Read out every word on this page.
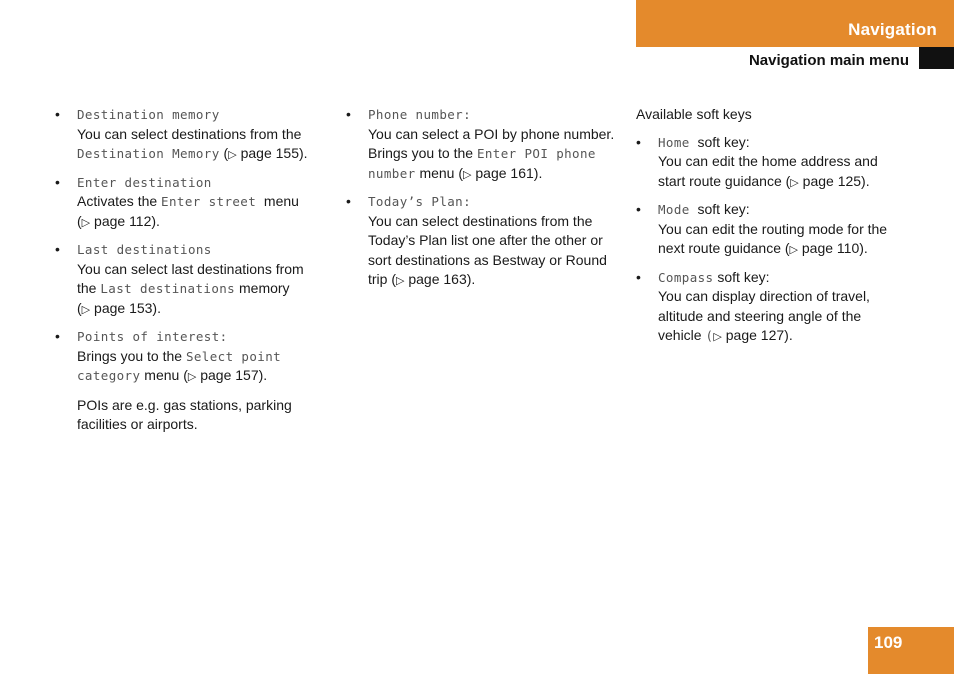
Navigation
Navigation main menu
• Destination memory
You can select destinations from the
Destination Memory (▷ page 155).
• Enter destination
Activates the Enter street  menu
(▷ page 112).
• Last destinations
You can select last destinations from
the Last destinations memory
(▷ page 153).
• Points of interest:
Brings you to the Select point
category menu (▷ page 157).
POIs are e.g. gas stations, parking
facilities or airports.
• Phone number:
You can select a POI by phone number.
Brings you to the Enter POI phone
number menu (▷ page 161).
• Today’s Plan:
You can select destinations from the
Today’s Plan list one after the other or
sort destinations as Bestway or Round
trip (▷ page 163).
Available soft keys
• Home  soft key:
You can edit the home address and
start route guidance (▷ page 125).
• Mode  soft key:
You can edit the routing mode for the
next route guidance (▷ page 110).
• Compass soft key:
You can display direction of travel,
altitude and steering angle of the
vehicle (▷ page 127).
109
